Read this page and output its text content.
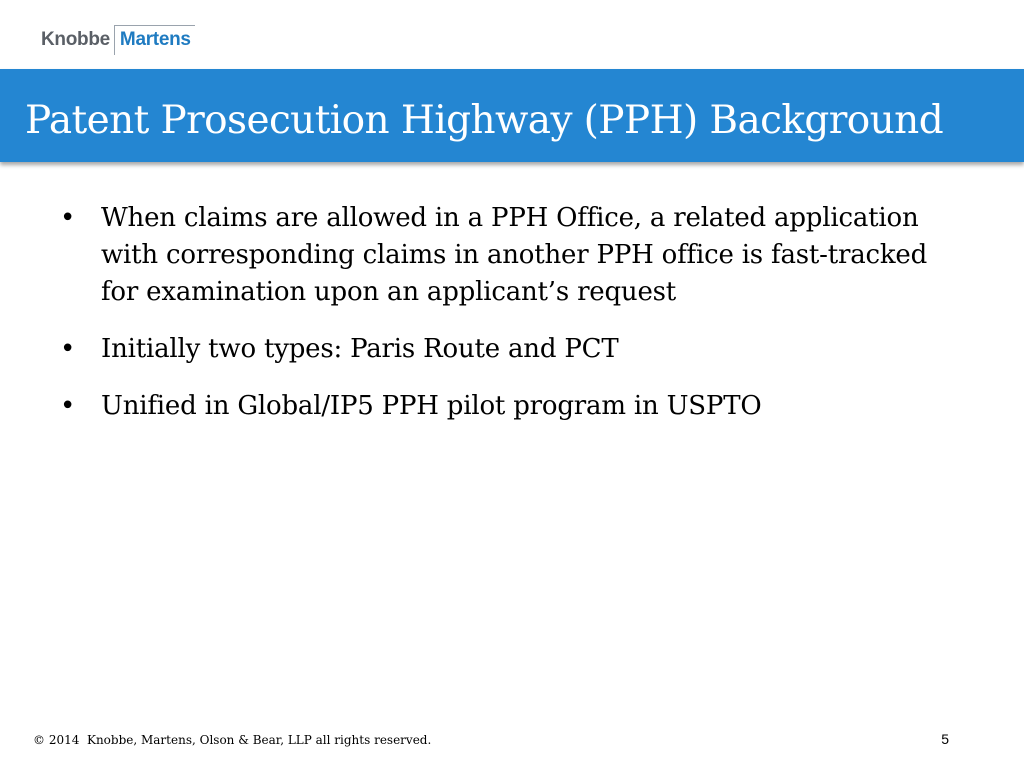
Knobbe Martens
Patent Prosecution Highway (PPH) Background
• When claims are allowed in a PPH Office, a related application with corresponding claims in another PPH office is fast-tracked for examination upon an applicant’s request
• Initially two types: Paris Route and PCT
• Unified in Global/IP5 PPH pilot program in USPTO
© 2014  Knobbe, Martens, Olson & Bear, LLP all rights reserved.	5
